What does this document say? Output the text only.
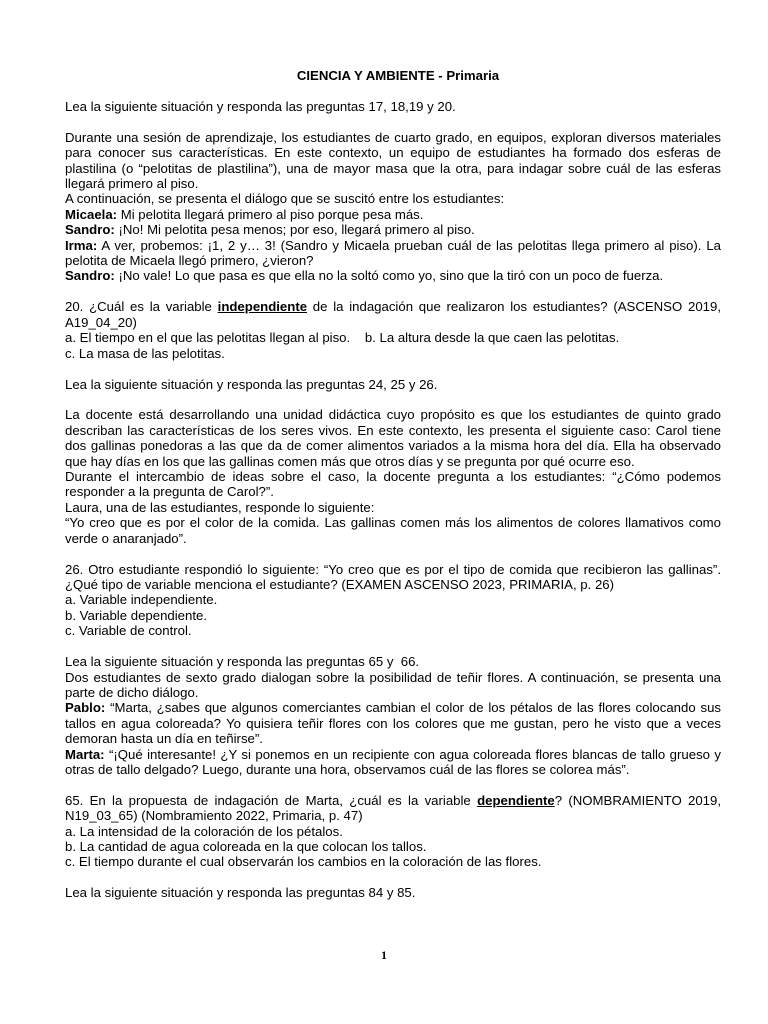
CIENCIA Y AMBIENTE - Primaria

Lea la siguiente situación y responda las preguntas 17, 18,19 y 20.

Durante una sesión de aprendizaje, los estudiantes de cuarto grado, en equipos, exploran diversos materiales para conocer sus características. En este contexto, un equipo de estudiantes ha formado dos esferas de plastilina (o “pelotitas de plastilina”), una de mayor masa que la otra, para indagar sobre cuál de las esferas llegará primero al piso.

A continuación, se presenta el diálogo que se suscitó entre los estudiantes:

Micaela: Mi pelotita llegará primero al piso porque pesa más.

Sandro: ¡No! Mi pelotita pesa menos; por eso, llegará primero al piso.

Irma: A ver, probemos: ¡1, 2 y… 3! (Sandro y Micaela prueban cuál de las pelotitas llega primero al piso). La pelotita de Micaela llegó primero, ¿vieron?

Sandro: ¡No vale! Lo que pasa es que ella no la soltó como yo, sino que la tiró con un poco de fuerza.

20. ¿Cuál es la variable independiente de la indagación que realizaron los estudiantes? (ASCENSO 2019, A19_04_20)

a. El tiempo en el que las pelotitas llegan al piso.    b. La altura desde la que caen las pelotitas.

c. La masa de las pelotitas.

Lea la siguiente situación y responda las preguntas 24, 25 y 26.

La docente está desarrollando una unidad didáctica cuyo propósito es que los estudiantes de quinto grado describan las características de los seres vivos. En este contexto, les presenta el siguiente caso: Carol tiene dos gallinas ponedoras a las que da de comer alimentos variados a la misma hora del día. Ella ha observado que hay días en los que las gallinas comen más que otros días y se pregunta por qué ocurre eso.

Durante el intercambio de ideas sobre el caso, la docente pregunta a los estudiantes: “¿Cómo podemos responder a la pregunta de Carol?”.

Laura, una de las estudiantes, responde lo siguiente:

“Yo creo que es por el color de la comida. Las gallinas comen más los alimentos de colores llamativos como verde o anaranjado”.

26. Otro estudiante respondió lo siguiente: “Yo creo que es por el tipo de comida que recibieron las gallinas”. ¿Qué tipo de variable menciona el estudiante? (EXAMEN ASCENSO 2023, PRIMARIA, p. 26)

a. Variable independiente.

b. Variable dependiente.

c. Variable de control.

Lea la siguiente situación y responda las preguntas 65 y  66.

Dos estudiantes de sexto grado dialogan sobre la posibilidad de teñir flores. A continuación, se presenta una parte de dicho diálogo.

Pablo: “Marta, ¿sabes que algunos comerciantes cambian el color de los pétalos de las flores colocando sus tallos en agua coloreada? Yo quisiera teñir flores con los colores que me gustan, pero he visto que a veces demoran hasta un día en teñirse”.

Marta: “¡Qué interesante! ¿Y si ponemos en un recipiente con agua coloreada flores blancas de tallo grueso y otras de tallo delgado? Luego, durante una hora, observamos cuál de las flores se colorea más”.

65. En la propuesta de indagación de Marta, ¿cuál es la variable dependiente? (NOMBRAMIENTO 2019, N19_03_65) (Nombramiento 2022, Primaria, p. 47)

a. La intensidad de la coloración de los pétalos.

b. La cantidad de agua coloreada en la que colocan los tallos.

c. El tiempo durante el cual observarán los cambios en la coloración de las flores.

Lea la siguiente situación y responda las preguntas 84 y 85.

1
